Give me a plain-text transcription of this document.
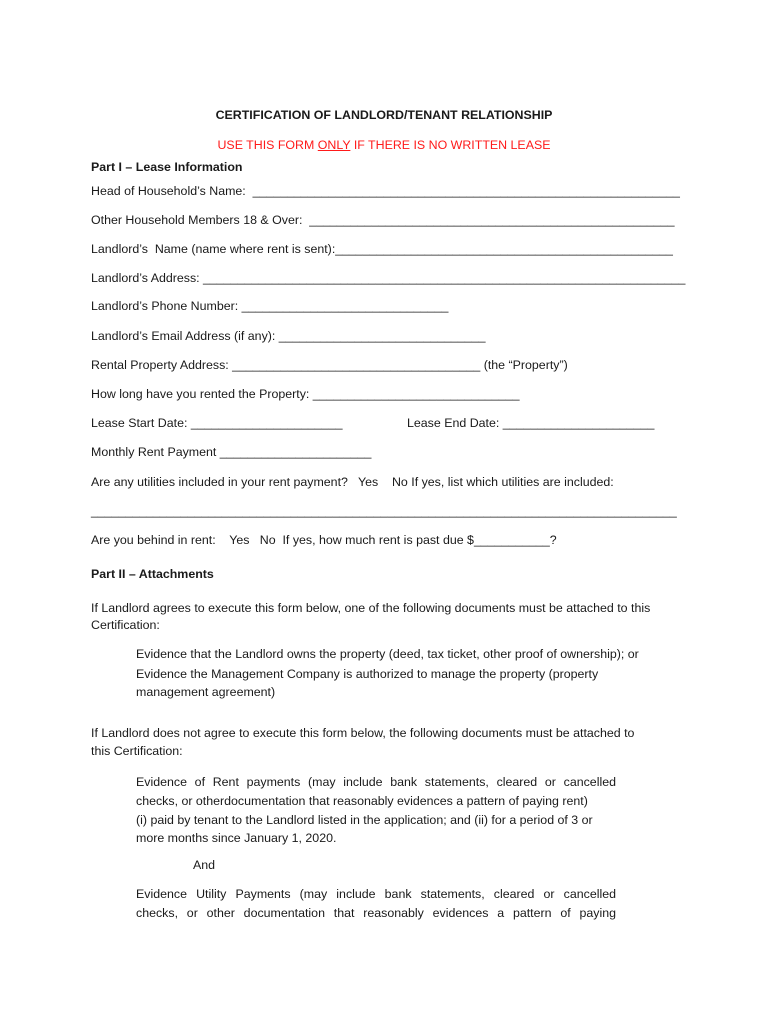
CERTIFICATION OF LANDLORD/TENANT RELATIONSHIP
USE THIS FORM ONLY IF THERE IS NO WRITTEN LEASE
Part I – Lease Information
Head of Household’s Name:  ______________________________________________________________
Other Household Members 18 & Over:  _____________________________________________________
Landlord’s  Name (name where rent is sent):_________________________________________________
Landlord’s Address: ______________________________________________________________________
Landlord’s Phone Number: ______________________________
Landlord’s Email Address (if any): ______________________________
Rental Property Address: ____________________________________ (the “Property”)
How long have you rented the Property: ______________________________
Lease Start Date: ______________________	Lease End Date: ______________________
Monthly Rent Payment ______________________
Are any utilities included in your rent payment?   Yes    No If yes, list which utilities are included:
_____________________________________________________________________________________
Are you behind in rent:    Yes   No  If yes, how much rent is past due $___________?
Part II – Attachments
If Landlord agrees to execute this form below, one of the following documents must be attached to this
Certification:
Evidence that the Landlord owns the property (deed, tax ticket, other proof of ownership); or
Evidence the Management Company is authorized to manage the property (property
management agreement)
If Landlord does not agree to execute this form below, the following documents must be attached to
this Certification:
Evidence of Rent payments (may include bank statements, cleared or cancelled
checks, or otherdocumentation that reasonably evidences a pattern of paying rent)
(i) paid by tenant to the Landlord listed in the application; and (ii) for a period of 3 or
more months since January 1, 2020.
And
Evidence Utility Payments (may include bank statements, cleared or cancelled
checks, or other documentation that reasonably evidences a pattern of paying
